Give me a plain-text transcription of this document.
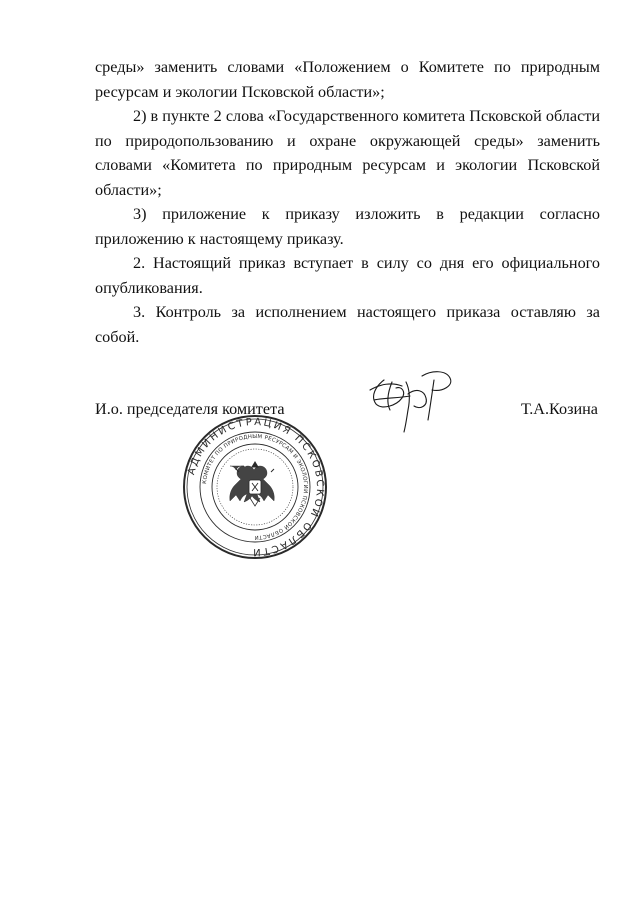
среды» заменить словами «Положением о Комитете по природным ресурсам и экологии Псковской области»;

2) в пункте 2 слова «Государственного комитета Псковской области по природопользованию и охране окружающей среды» заменить словами «Комитета по природным ресурсам и экологии Псковской области»;

3) приложение к приказу изложить в редакции согласно приложению к настоящему приказу.

2. Настоящий приказ вступает в силу со дня его официального опубликования.

3. Контроль за исполнением настоящего приказа оставляю за собой.

И.о. председателя комитета	Т.А.Козина
АДМИНИСТРАЦИЯ ПСКОВСКОЙ ОБЛАСТИ
КОМИТЕТ ПО ПРИРОДНЫМ РЕСУРСАМ И ЭКОЛОГИИ ПСКОВСКОЙ ОБЛАСТИ
